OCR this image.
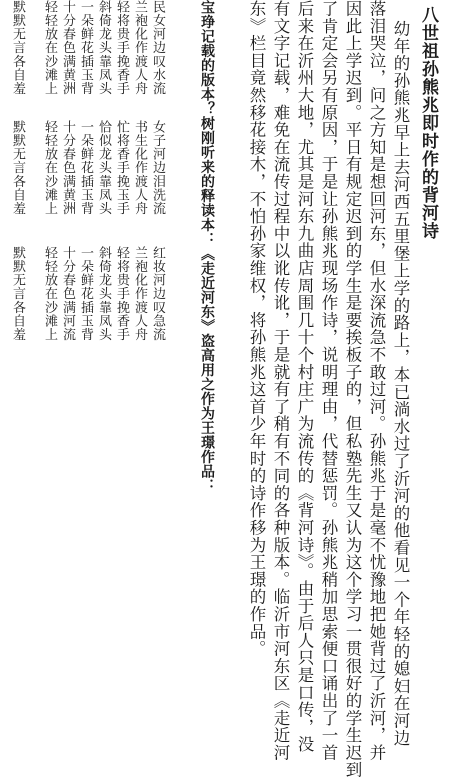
八世祖孙熊兆即时作的背河诗
幼年的孙熊兆早上去河西五里堡上学的路上，本已淌水过了沂河的他看见一个年轻的媳妇在河边
落泪哭泣，问之方知是想回河东，但水深流急不敢过河。孙熊兆于是毫不忧豫地把她背过了沂河，并
因此上学迟到。平日有规定迟到的学生是要挨板子的，但私塾先生又认为这个学习一贯很好的学生迟到
了肯定会另有原因，于是让孙熊兆现场作诗，说明理由，代替惩罚。孙熊兆稍加思索便口诵出了一首
后来在沂州大地，尤其是河东九曲店周围几十个村庄广为流传的《背河诗》。由于后人只是口传，没
有文字记载，难免在流传过程中以讹传讹，于是就有了稍有不同的各种版本。临沂市河东区《走近河
东》栏目竟然移花接木，不怕孙家维权，将孙熊兆这首少年时的诗作移为王璟的作品。
宝琤记载的版本？树刚听来的释读本：《走近河东》盗高用之作为王璟作品：
红妆河边叹急流
兰袍化作渡人舟
轻将贵手挽香手
斜倚龙头靠凤头
一朵鲜花插玉背
十分春色满河流
轻轻放在沙滩上
默默无言各自羞
女子河边泪洗流
书生化作渡人舟
忙将香手挽玉手
恰似龙头靠凤头
一朵鲜花插玉背
十分春色满黄洲
轻轻放在沙滩上
默默无言各自羞
民女河边叹水流
兰袍化作渡人舟
轻将贵手挽香手
斜倚龙头靠凤头
一朵鲜花插玉背
十分春色满黄洲
轻轻放在沙滩上
默默无言各自羞
